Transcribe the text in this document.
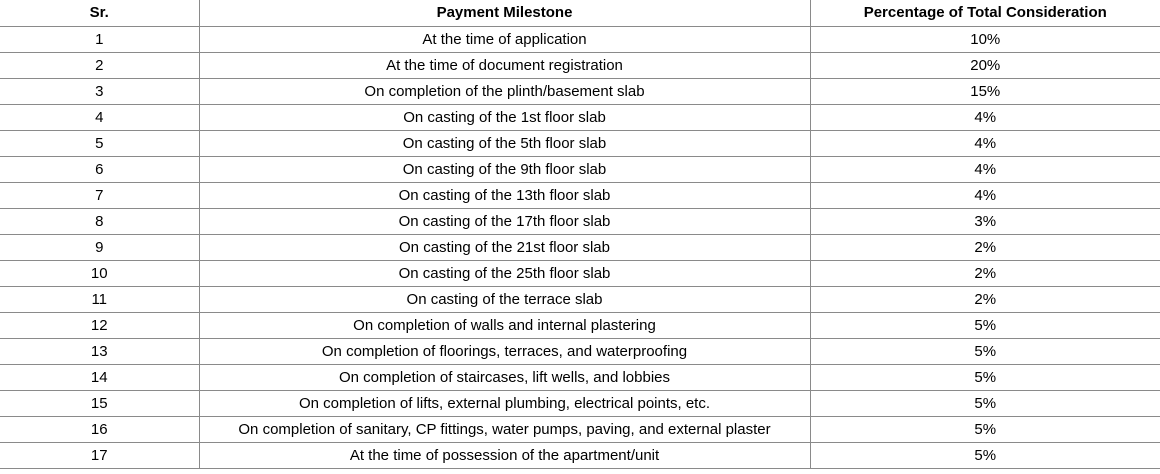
Sr.	Payment Milestone	Percentage of Total Consideration
1	At the time of application	10%
2	At the time of document registration	20%
3	On completion of the plinth/basement slab	15%
4	On casting of the 1st floor slab	4%
5	On casting of the 5th floor slab	4%
6	On casting of the 9th floor slab	4%
7	On casting of the 13th floor slab	4%
8	On casting of the 17th floor slab	3%
9	On casting of the 21st floor slab	2%
10	On casting of the 25th floor slab	2%
11	On casting of the terrace slab	2%
12	On completion of walls and internal plastering	5%
13	On completion of floorings, terraces, and waterproofing	5%
14	On completion of staircases, lift wells, and lobbies	5%
15	On completion of lifts, external plumbing, electrical points, etc.	5%
16	On completion of sanitary, CP fittings, water pumps, paving, and external plaster	5%
17	At the time of possession of the apartment/unit	5%
